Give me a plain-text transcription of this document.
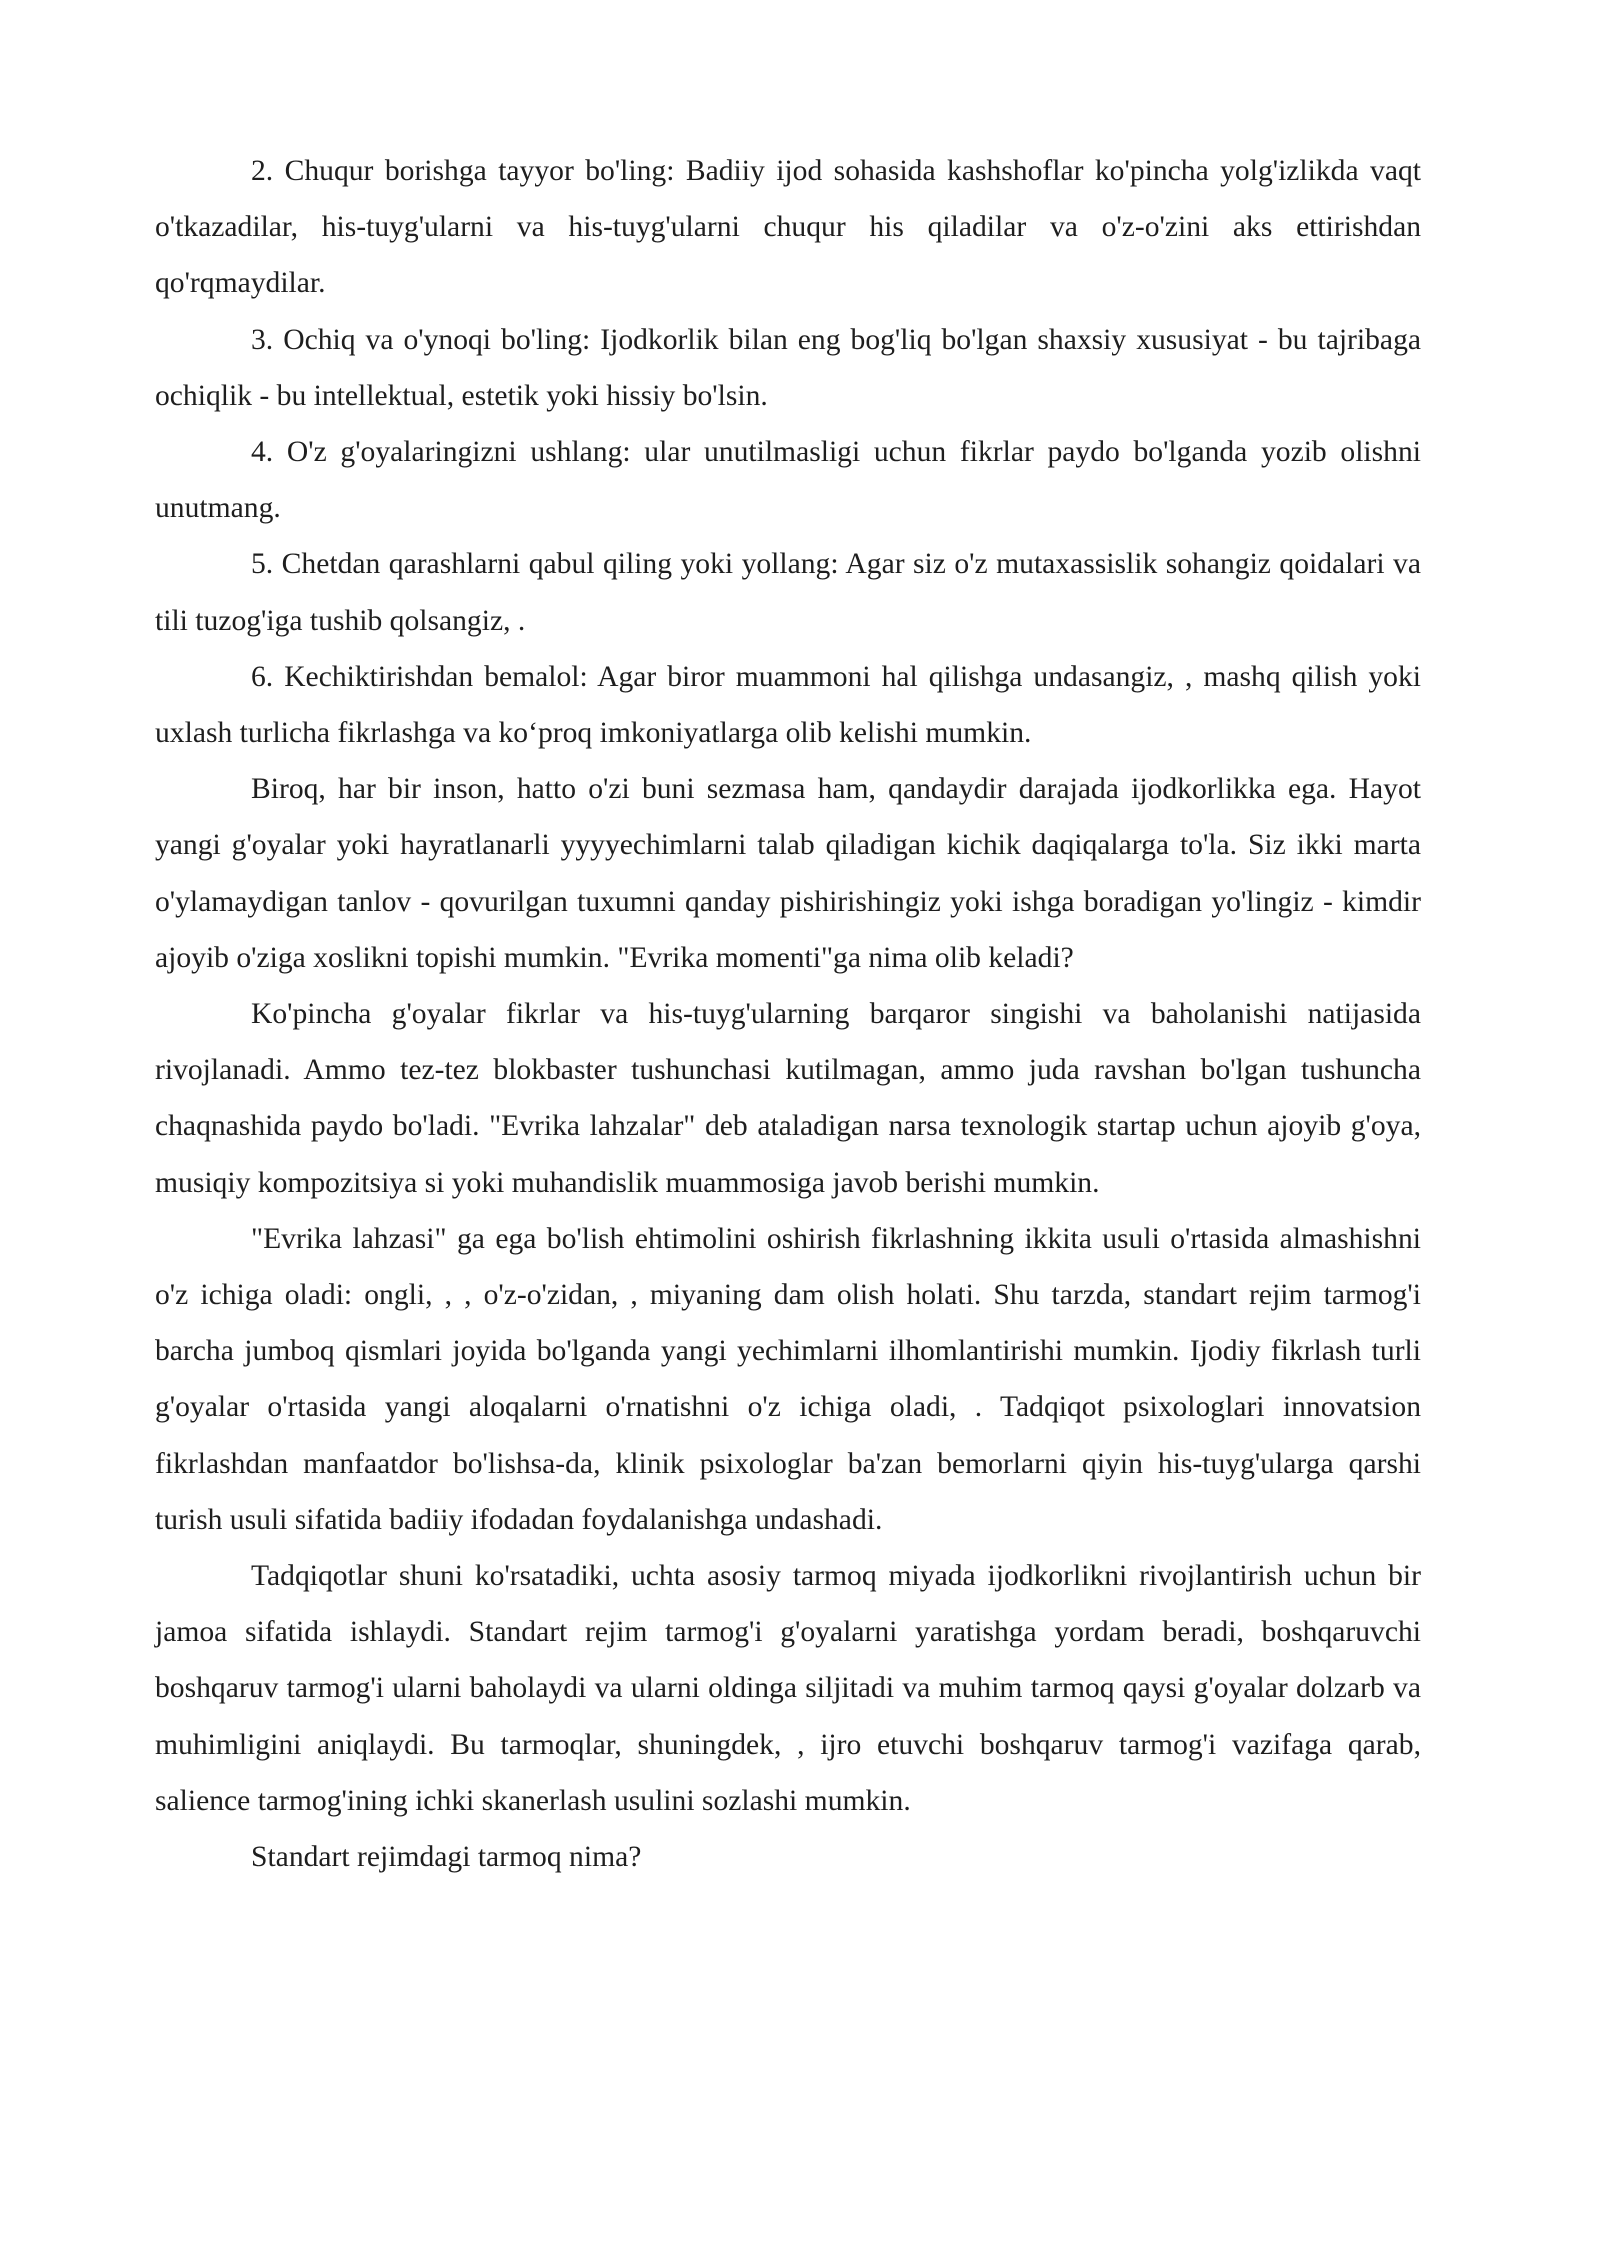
2. Chuqur borishga tayyor bo'ling: Badiiy ijod sohasida kashshoflar ko'pincha yolg'izlikda vaqt o'tkazadilar, his-tuyg'ularni va his-tuyg'ularni chuqur his qiladilar va o'z-o'zini aks ettirishdan qo'rqmaydilar.

3. Ochiq va o'ynoqi bo'ling: Ijodkorlik bilan eng bog'liq bo'lgan shaxsiy xususiyat - bu tajribaga ochiqlik - bu intellektual, estetik yoki hissiy bo'lsin.

4. O'z g'oyalaringizni ushlang: ular unutilmasligi uchun fikrlar paydo bo'lganda yozib olishni unutmang.

5. Chetdan qarashlarni qabul qiling yoki yollang: Agar siz o'z mutaxassislik sohangiz qoidalari va tili tuzog'iga tushib qolsangiz, .

6. Kechiktirishdan bemalol: Agar biror muammoni hal qilishga undasangiz, , mashq qilish yoki uxlash turlicha fikrlashga va ko‘proq imkoniyatlarga olib kelishi mumkin.

Biroq, har bir inson, hatto o'zi buni sezmasa ham, qandaydir darajada ijodkorlikka ega. Hayot yangi g'oyalar yoki hayratlanarli yyyyechimlarni talab qiladigan kichik daqiqalarga to'la. Siz ikki marta o'ylamaydigan tanlov - qovurilgan tuxumni qanday pishirishingiz yoki ishga boradigan yo'lingiz - kimdir ajoyib o'ziga xoslikni topishi mumkin. "Evrika momenti"ga nima olib keladi?

Ko'pincha g'oyalar fikrlar va his-tuyg'ularning barqaror singishi va baholanishi natijasida rivojlanadi. Ammo tez-tez blokbaster tushunchasi kutilmagan, ammo juda ravshan bo'lgan tushuncha chaqnashida paydo bo'ladi. "Evrika lahzalar" deb ataladigan narsa texnologik startap uchun ajoyib g'oya, musiqiy kompozitsiya si yoki muhandislik muammosiga javob berishi mumkin.

"Evrika lahzasi" ga ega bo'lish ehtimolini oshirish fikrlashning ikkita usuli o'rtasida almashishni o'z ichiga oladi: ongli, , , o'z-o'zidan, , miyaning dam olish holati. Shu tarzda, standart rejim tarmog'i barcha jumboq qismlari joyida bo'lganda yangi yechimlarni ilhomlantirishi mumkin. Ijodiy fikrlash turli g'oyalar o'rtasida yangi aloqalarni o'rnatishni o'z ichiga oladi, . Tadqiqot psixologlari innovatsion fikrlashdan manfaatdor bo'lishsa-da, klinik psixologlar ba'zan bemorlarni qiyin his-tuyg'ularga qarshi turish usuli sifatida badiiy ifodadan foydalanishga undashadi.

Tadqiqotlar shuni ko'rsatadiki, uchta asosiy tarmoq miyada ijodkorlikni rivojlantirish uchun bir jamoa sifatida ishlaydi. Standart rejim tarmog'i g'oyalarni yaratishga yordam beradi, boshqaruvchi boshqaruv tarmog'i ularni baholaydi va ularni oldinga siljitadi va muhim tarmoq qaysi g'oyalar dolzarb va muhimligini aniqlaydi. Bu tarmoqlar, shuningdek, , ijro etuvchi boshqaruv tarmog'i vazifaga qarab, salience tarmog'ining ichki skanerlash usulini sozlashi mumkin.

Standart rejimdagi tarmoq nima?
